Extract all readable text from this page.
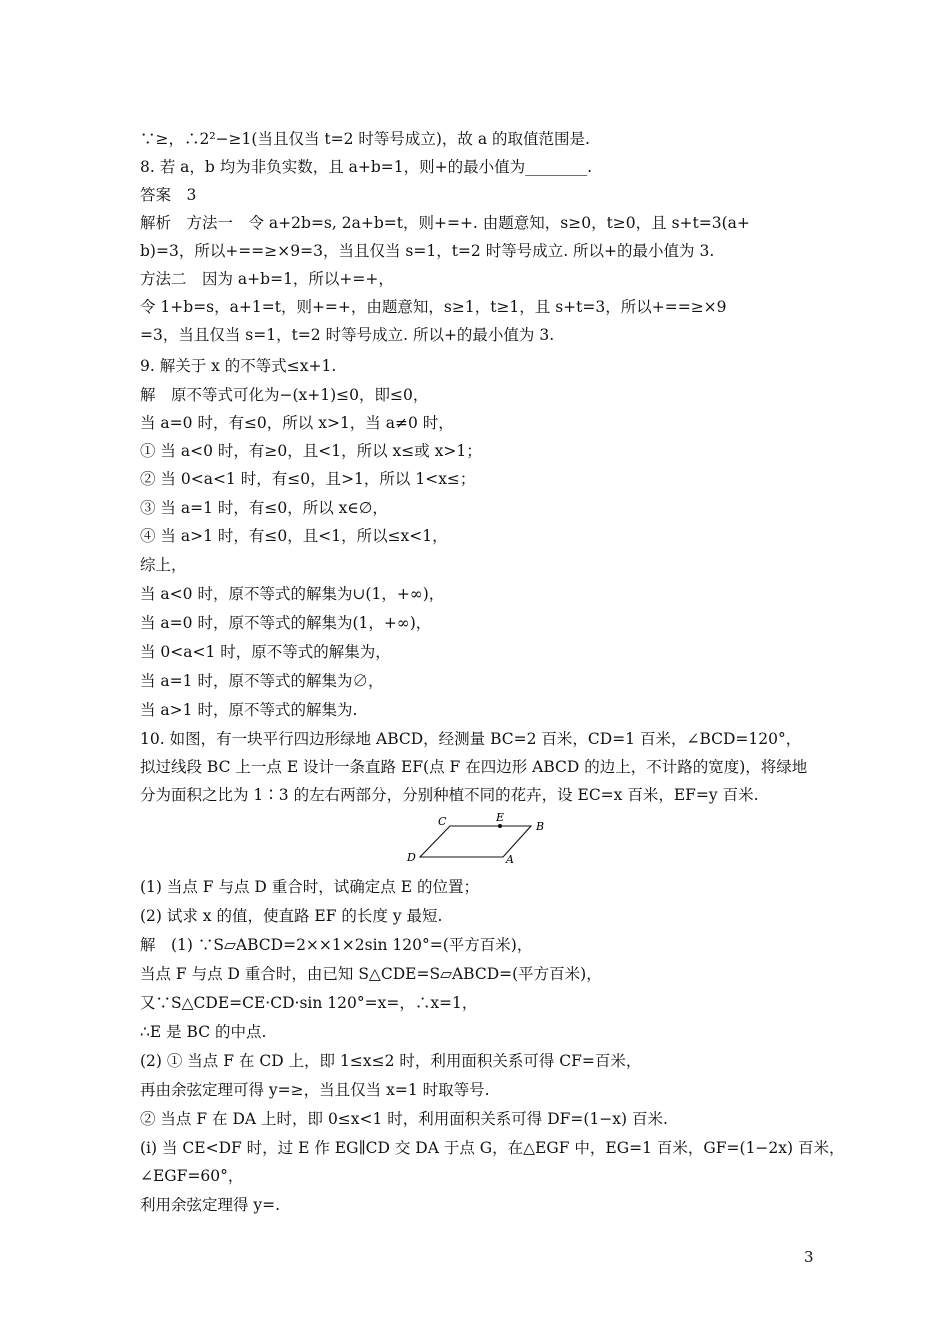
∵≥，∴2²−≥1(当且仅当 t=2 时等号成立)，故 a 的取值范围是.
8. 若 a，b 均为非负实数，且 a+b=1，则+的最小值为________.
答案　3
解析　方法一　令 a+2b=s, 2a+b=t，则+=+. 由题意知，s≥0，t≥0，且 s+t=3(a+
b)=3，所以+==≥×9=3，当且仅当 s=1，t=2 时等号成立. 所以+的最小值为 3.
方法二　因为 a+b=1，所以+=+，
令 1+b=s，a+1=t，则+=+，由题意知，s≥1，t≥1，且 s+t=3，所以+==≥×9
=3，当且仅当 s=1，t=2 时等号成立. 所以+的最小值为 3.
9. 解关于 x 的不等式≤x+1.
解　原不等式可化为−(x+1)≤0，即≤0，
当 a=0 时，有≤0，所以 x>1，当 a≠0 时，
① 当 a<0 时，有≥0，且<1，所以 x≤或 x>1；
② 当 0<a<1 时，有≤0，且>1，所以 1<x≤；
③ 当 a=1 时，有≤0，所以 x∈∅，
④ 当 a>1 时，有≤0，且<1，所以≤x<1，
综上，
当 a<0 时，原不等式的解集为∪(1，+∞)，
当 a=0 时，原不等式的解集为(1，+∞)，
当 0<a<1 时，原不等式的解集为，
当 a=1 时，原不等式的解集为∅，
当 a>1 时，原不等式的解集为.
10. 如图，有一块平行四边形绿地 ABCD，经测量 BC=2 百米，CD=1 百米，∠BCD=120°，
拟过线段 BC 上一点 E 设计一条直路 EF(点 F 在四边形 ABCD 的边上，不计路的宽度)，将绿地
分为面积之比为 1∶3 的左右两部分，分别种植不同的花卉，设 EC=x 百米，EF=y 百米.
C	E
B
D	A
(1) 当点 F 与点 D 重合时，试确定点 E 的位置；
(2) 试求 x 的值，使直路 EF 的长度 y 最短.
解　(1) ∵S▱ABCD=2××1×2sin 120°=(平方百米)，
当点 F 与点 D 重合时，由已知 S△CDE=S▱ABCD=(平方百米)，
又∵S△CDE=CE·CD·sin 120°=x=，∴x=1，
∴E 是 BC 的中点.
(2) ① 当点 F 在 CD 上，即 1≤x≤2 时，利用面积关系可得 CF=百米，
再由余弦定理可得 y=≥，当且仅当 x=1 时取等号.
② 当点 F 在 DA 上时，即 0≤x<1 时，利用面积关系可得 DF=(1−x) 百米.
(i) 当 CE<DF 时，过 E 作 EG∥CD 交 DA 于点 G，在△EGF 中，EG=1 百米，GF=(1−2x) 百米，
∠EGF=60°，
利用余弦定理得 y=.
3
